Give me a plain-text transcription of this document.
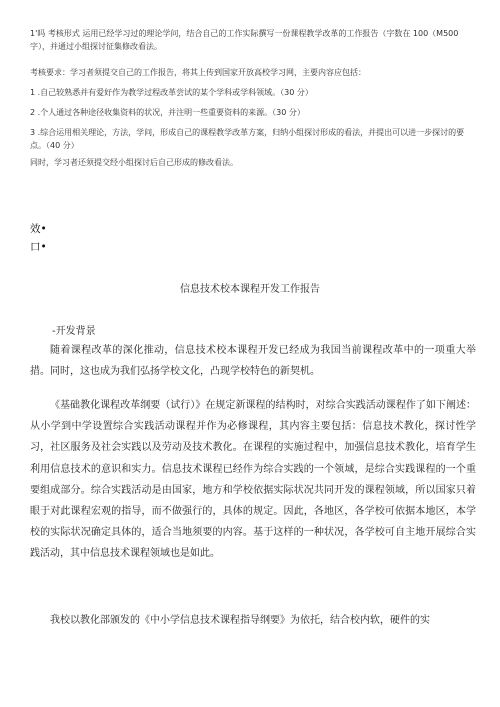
1'吗 考核形式 运用已经学习过的理论学问，结合自己的工作实际撰写一份课程教学改革的工作报告（字数在 100（M500字），并通过小组探讨征集修改看法。
考核要求：学习者须提交自己的工作报告，将其上传到国家开放高校学习网，主要内容应包括：
1 .自己较熟悉并有爱好作为教学过程改革尝试的某个学科或学科领域。（30 分）
2 .个人通过各种途径收集资料的状况，并注明一些重要资料的来源。（30 分）
3 .综合运用相关理论，方法，学问，形成自己的课程教学改革方案，归纳小组探讨形成的看法，并提出可以进一步探讨的要点。（40 分）
同时，学习者还须提交经小组探讨后自己形成的修改看法。
效•
口•
信息技术校本课程开发工作报告
-开发背景
随着课程改革的深化推动，信息技术校本课程开发已经成为我国当前课程改革中的一项重大举措。同时，这也成为我们弘扬学校文化，凸现学校特色的新契机。
《基础教化课程改革纲要（试行）》在规定新课程的结构时，对综合实践活动课程作了如下阐述：从小学到中学设置综合实践活动课程并作为必修课程，其内容主要包括：信息技术教化，探讨性学习，社区服务及社会实践以及劳动及技术教化。在课程的实施过程中，加强信息技术教化，培育学生利用信息技术的意识和实力。信息技术课程已经作为综合实践的一个领域，是综合实践课程的一个重要组成部分。综合实践活动是由国家，地方和学校依据实际状况共同开发的课程领域，所以国家只着眼于对此课程宏观的指导，而不做强行的，具体的规定。因此，各地区，各学校可依据本地区，本学校的实际状况确定具体的，适合当地须要的内容。基于这样的一种状况，各学校可自主地开展综合实践活动，其中信息技术课程领域也是如此。
我校以教化部颁发的《中小学信息技术课程指导纲要》为依托，结合校内软，硬件的实
